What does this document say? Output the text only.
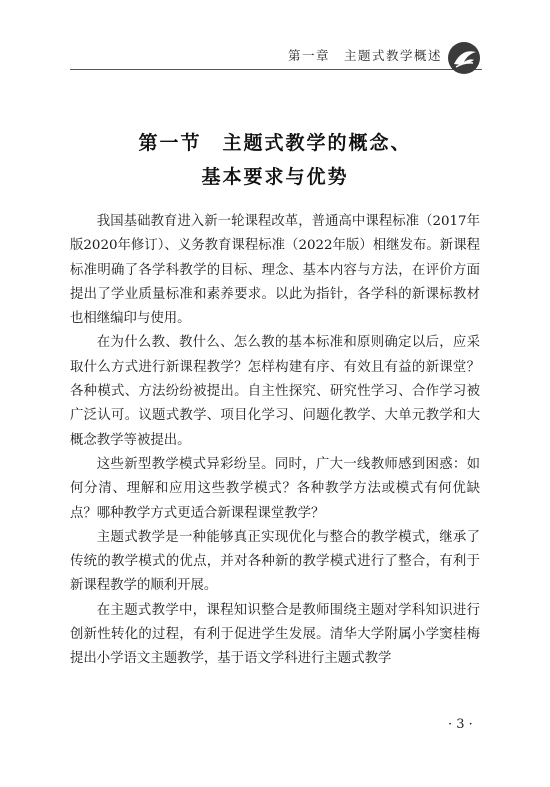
第一章　主题式教学概述
第一节　主题式教学的概念、
基本要求与优势

我国基础教育进入新一轮课程改革，普通高中课程标准（2017年版2020年修订）、义务教育课程标准（2022年版）相继发布。新课程标准明确了各学科教学的目标、理念、基本内容与方法，在评价方面提出了学业质量标准和素养要求。以此为指针，各学科的新课标教材也相继编印与使用。

在为什么教、教什么、怎么教的基本标准和原则确定以后，应采取什么方式进行新课程教学？怎样构建有序、有效且有益的新课堂？各种模式、方法纷纷被提出。自主性探究、研究性学习、合作学习被广泛认可。议题式教学、项目化学习、问题化教学、大单元教学和大概念教学等被提出。

这些新型教学模式异彩纷呈。同时，广大一线教师感到困惑：如何分清、理解和应用这些教学模式？各种教学方法或模式有何优缺点？哪种教学方式更适合新课程课堂教学？

主题式教学是一种能够真正实现优化与整合的教学模式，继承了传统的教学模式的优点，并对各种新的教学模式进行了整合，有利于新课程教学的顺利开展。

在主题式教学中，课程知识整合是教师围绕主题对学科知识进行创新性转化的过程，有利于促进学生发展。清华大学附属小学窦桂梅提出小学语文主题教学，基于语文学科进行主题式教学

· 3 ·
